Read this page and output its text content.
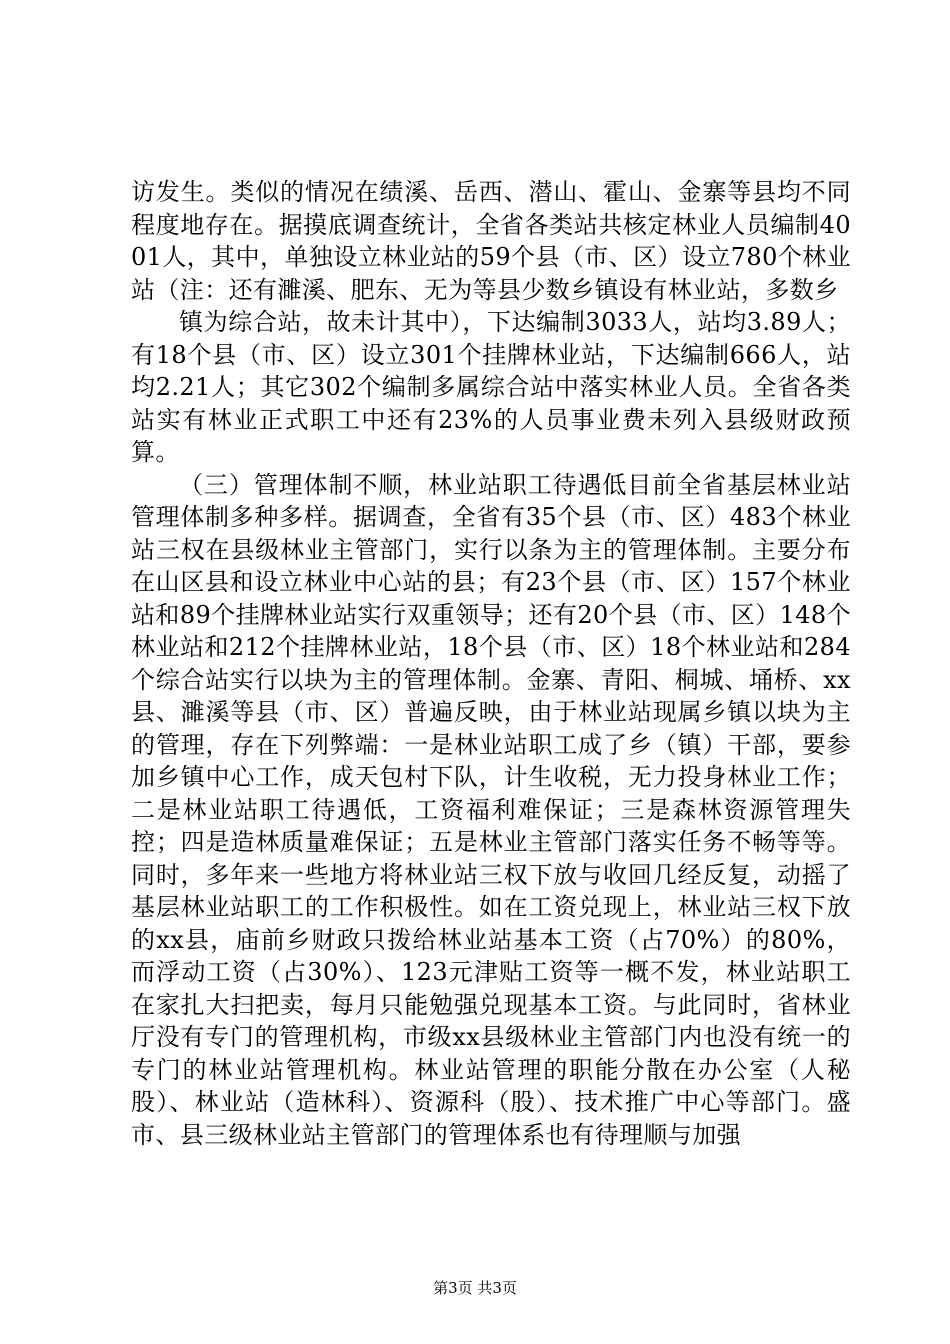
访发生。类似的情况在绩溪、岳西、潜山、霍山、金寨等县均不同程度地存在。据摸底调查统计，全省各类站共核定林业人员编制4001人，其中，单独设立林业站的59个县（市、区）设立780个林业站（注：还有濉溪、肥东、无为等县少数乡镇设有林业站，多数乡

镇为综合站，故未计其中），下达编制3033人，站均3.89人；有18个县（市、区）设立301个挂牌林业站，下达编制666人，站均2.21人；其它302个编制多属综合站中落实林业人员。全省各类站实有林业正式职工中还有23%的人员事业费未列入县级财政预算。

（三）管理体制不顺，林业站职工待遇低目前全省基层林业站管理体制多种多样。据调查，全省有35个县（市、区）483个林业站三权在县级林业主管部门，实行以条为主的管理体制。主要分布在山区县和设立林业中心站的县；有23个县（市、区）157个林业站和89个挂牌林业站实行双重领导；还有20个县（市、区）148个林业站和212个挂牌林业站，18个县（市、区）18个林业站和284个综合站实行以块为主的管理体制。金寨、青阳、桐城、埇桥、xx县、濉溪等县（市、区）普遍反映，由于林业站现属乡镇以块为主的管理，存在下列弊端：一是林业站职工成了乡（镇）干部，要参加乡镇中心工作，成天包村下队，计生收税，无力投身林业工作；二是林业站职工待遇低，工资福利难保证；三是森林资源管理失控；四是造林质量难保证；五是林业主管部门落实任务不畅等等。同时，多年来一些地方将林业站三权下放与收回几经反复，动摇了基层林业站职工的工作积极性。如在工资兑现上，林业站三权下放的xx县，庙前乡财政只拨给林业站基本工资（占70%）的80%，而浮动工资（占30%）、123元津贴工资等一概不发，林业站职工在家扎大扫把卖，每月只能勉强兑现基本工资。与此同时，省林业厅没有专门的管理机构，市级xx县级林业主管部门内也没有统一的专门的林业站管理机构。林业站管理的职能分散在办公室（人秘股）、林业站（造林科）、资源科（股）、技术推广中心等部门。盛市、县三级林业站主管部门的管理体系也有待理顺与加强

第3页 共3页
